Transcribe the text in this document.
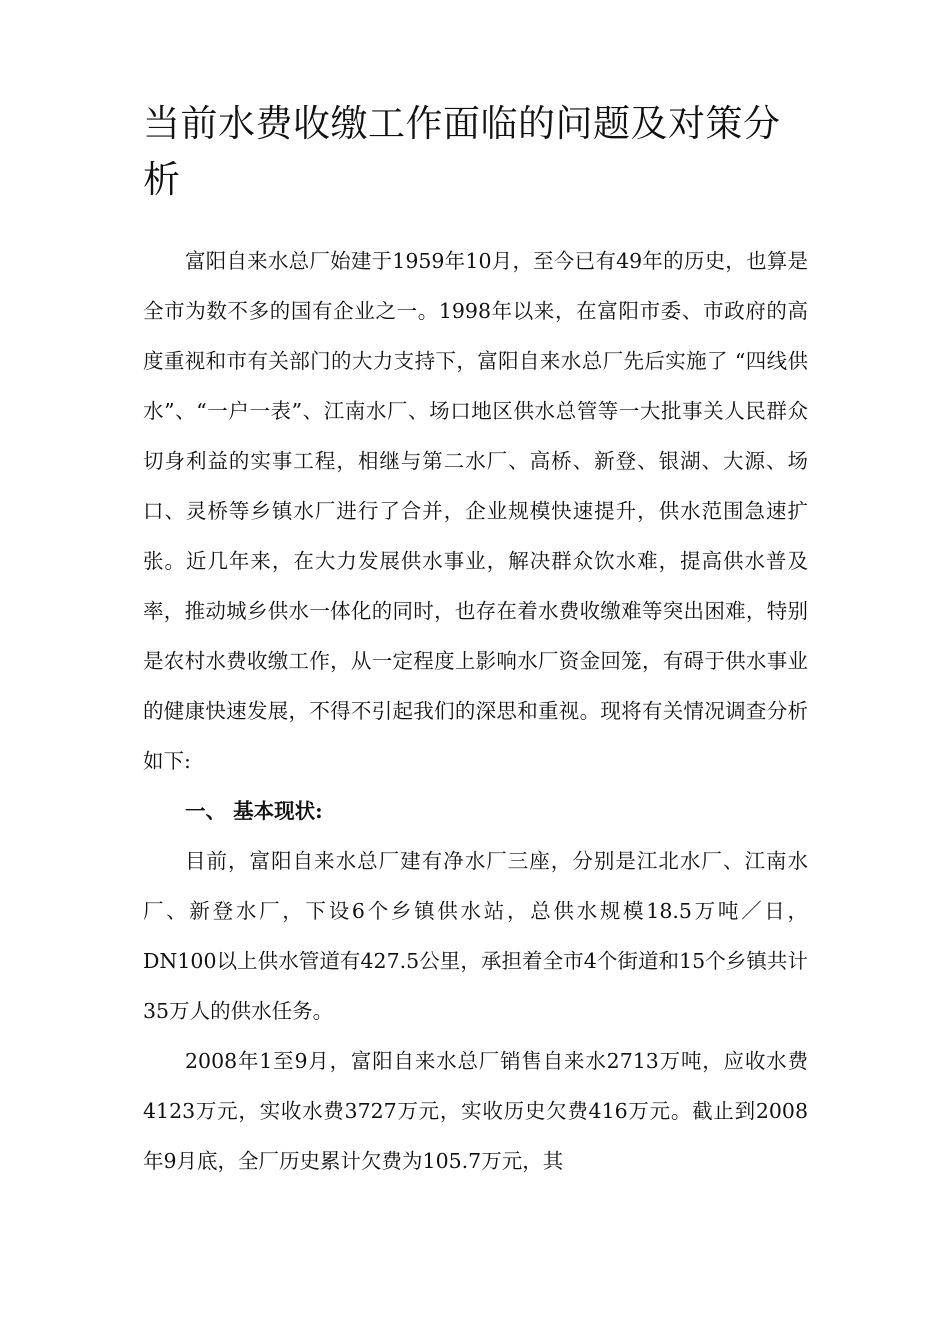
当前水费收缴工作面临的问题及对策分析

富阳自来水总厂始建于1959年10月，至今已有49年的历史，也算是全市为数不多的国有企业之一。1998年以来，在富阳市委、市政府的高度重视和市有关部门的大力支持下，富阳自来水总厂先后实施了 “四线供水”、“一户一表”、江南水厂、场口地区供水总管等一大批事关人民群众切身利益的实事工程，相继与第二水厂、高桥、新登、银湖、大源、场口、灵桥等乡镇水厂进行了合并，企业规模快速提升，供水范围急速扩张。近几年来，在大力发展供水事业，解决群众饮水难，提高供水普及率，推动城乡供水一体化的同时，也存在着水费收缴难等突出困难，特别是农村水费收缴工作，从一定程度上影响水厂资金回笼，有碍于供水事业的健康快速发展，不得不引起我们的深思和重视。现将有关情况调查分析如下:

一、 基本现状:

目前，富阳自来水总厂建有净水厂三座，分别是江北水厂、江南水厂、新登水厂，下设6个乡镇供水站，总供水规模18.5万吨／日，DN100以上供水管道有427.5公里，承担着全市4个街道和15个乡镇共计35万人的供水任务。

2008年1至9月，富阳自来水总厂销售自来水2713万吨，应收水费4123万元，实收水费3727万元，实收历史欠费416万元。截止到2008年9月底，全厂历史累计欠费为105.7万元，其
